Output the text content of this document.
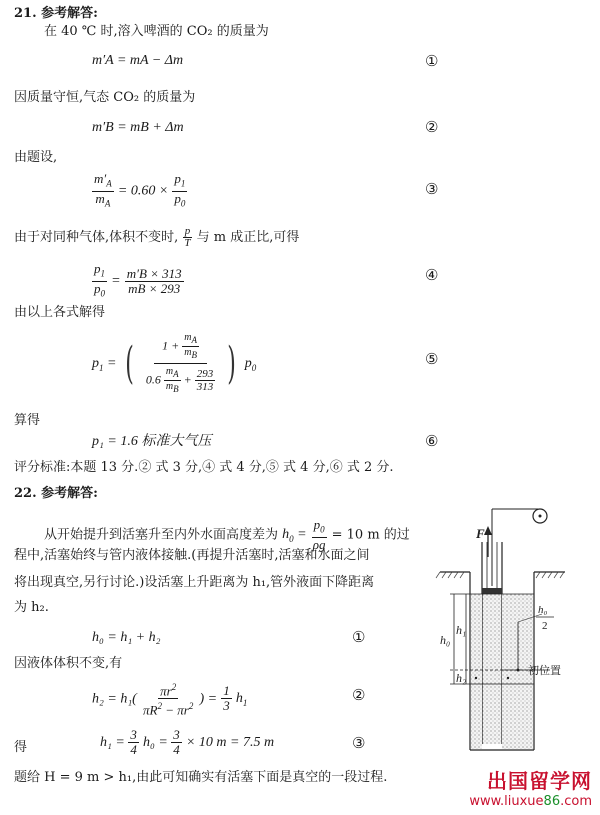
21. 参考解答:
在 40 ℃ 时,溶入啤酒的 CO₂ 的质量为
m′A = mA − Δm	①
因质量守恒,气态 CO₂ 的质量为
m′B = mB + Δm	②
由题设,
$\frac{m'_A}{m_A} = 0.60 \times \frac{p_1}{p_0}$	③
由于对同种气体,体积不变时, $\frac{p}{T}$ 与 m 成正比,可得
$\frac{p_1}{p_0} = \frac{m'B \times 313}{mB \times 293}$	④
由以上各式解得
$p_1$ = ( $\frac{1 + \frac{mA}{mB}}{0.6 \frac{mA}{mB} + \frac{293}{313}}$ ) $p_0$	⑤
算得
p₁ = 1.6 标准大气压	⑥
评分标准:本题 13 分.② 式 3 分,④ 式 4 分,⑤ 式 4 分,⑥ 式 2 分.
22. 参考解答:
从开始提升到活塞升至内外水面高度差为 $h_0 = \frac{p_0}{\rho g} = 10$ m 的过
程中,活塞始终与管内液体接触.(再提升活塞时,活塞和水面之间
将出现真空,另行讨论.)设活塞上升距离为 h₁,管外液面下降距离
为 h₂.
h₀ = h₁ + h₂	①
因液体体积不变,有
$h_2 = h_1( \frac{\pi r^2}{\pi R^2 - \pi r^2}$ ) = $\frac{1}{3} h_1$	②
得	$h_1 = \frac{3}{4} h_0 = \frac{3}{4} \times 10$ m = 7.5 m	③
题给 H = 9 m > h₁,由此可知确实有活塞下面是真空的一段过程.
F
h₀
h₁
h₂
h₀
2
初位置
出国留学网
www.liuxue86.com
